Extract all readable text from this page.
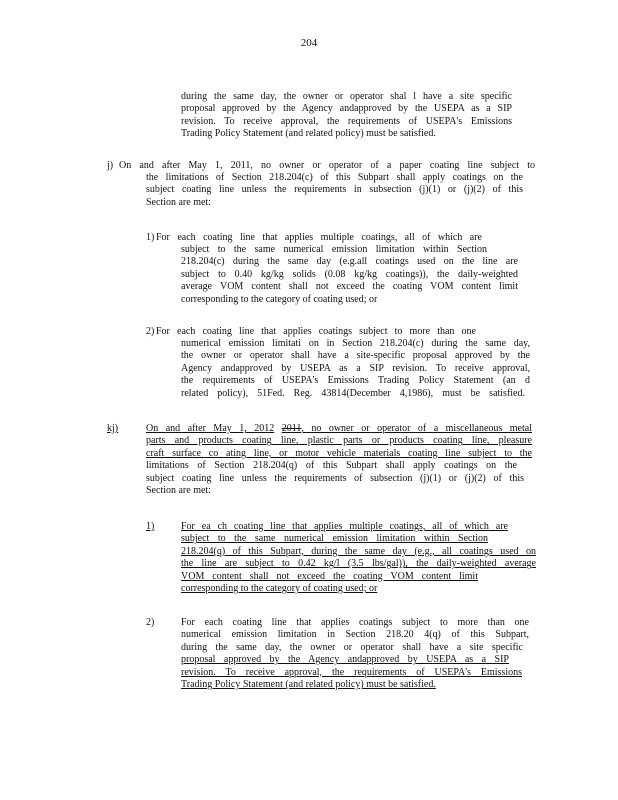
204

during the same day, the owner or operator shal l have a site specific

proposal approved by the Agency andapproved by the USEPA as a SIP

revision. To receive approval, the requirements of USEPA's Emissions

Trading Policy Statement (and related policy) must be satisfied.

j) On and after May 1, 2011, no owner or operator of a paper coating line subject to

the limitations of Section 218.204(c) of this Subpart shall apply coatings on the

subject coating line unless the requirements in subsection (j)(1) or (j)(2) of this

Section are met:

1) For each coating line that applies multiple coatings, all of which are

subject to the same numerical emission limitation within Section

218.204(c) during the same day (e.g.all coatings used on the line are

subject to 0.40 kg/kg solids (0.08 kg/kg coatings)), the daily-weighted

average VOM content shall not exceed the coating VOM content limit

corresponding to the category of coating used; or

2) For each coating line that applies coatings subject to more than one

numerical emission limitati on in Section 218.204(c) during the same day,

the owner or operator shall have a site-specific proposal approved by the

Agency andapproved by USEPA as a SIP revision. To receive approval,

the requirements of USEPA's Emissions Trading Policy Statement (an d

related policy), 51Fed. Reg. 43814(December 4,1986), must be satisfied.

kj)	On and after May 1, 2012 2011, no owner or operator of a miscellaneous metal

parts and products coating line, plastic parts or products coating line, pleasure

craft surface co ating line, or motor vehicle materials coating line subject to the

limitations of Section 218.204(q) of this Subpart shall apply coatings on the

subject coating line unless the requirements of subsection (j)(1) or (j)(2) of this

Section are met:

1)	For ea ch coating line that applies multiple coatings, all of which are

subject to the same numerical emission limitation within Section

218.204(q) of this Subpart, during the same day (e.g., all coatings used on

the line are subject to 0.42 kg/l (3.5 lbs/gal)), the daily-weighted average

VOM content shall not exceed the coating VOM content limit

corresponding to the category of coating used; or

2)	For each coating line that applies coatings subject to more than one

numerical emission limitation in Section 218.20 4(q) of this Subpart,

during the same day, the owner or operator shall have a site specific

proposal approved by the Agency andapproved by USEPA as a SIP

revision. To receive approval, the requirements of USEPA's Emissions

Trading Policy Statement (and related policy) must be satisfied.
